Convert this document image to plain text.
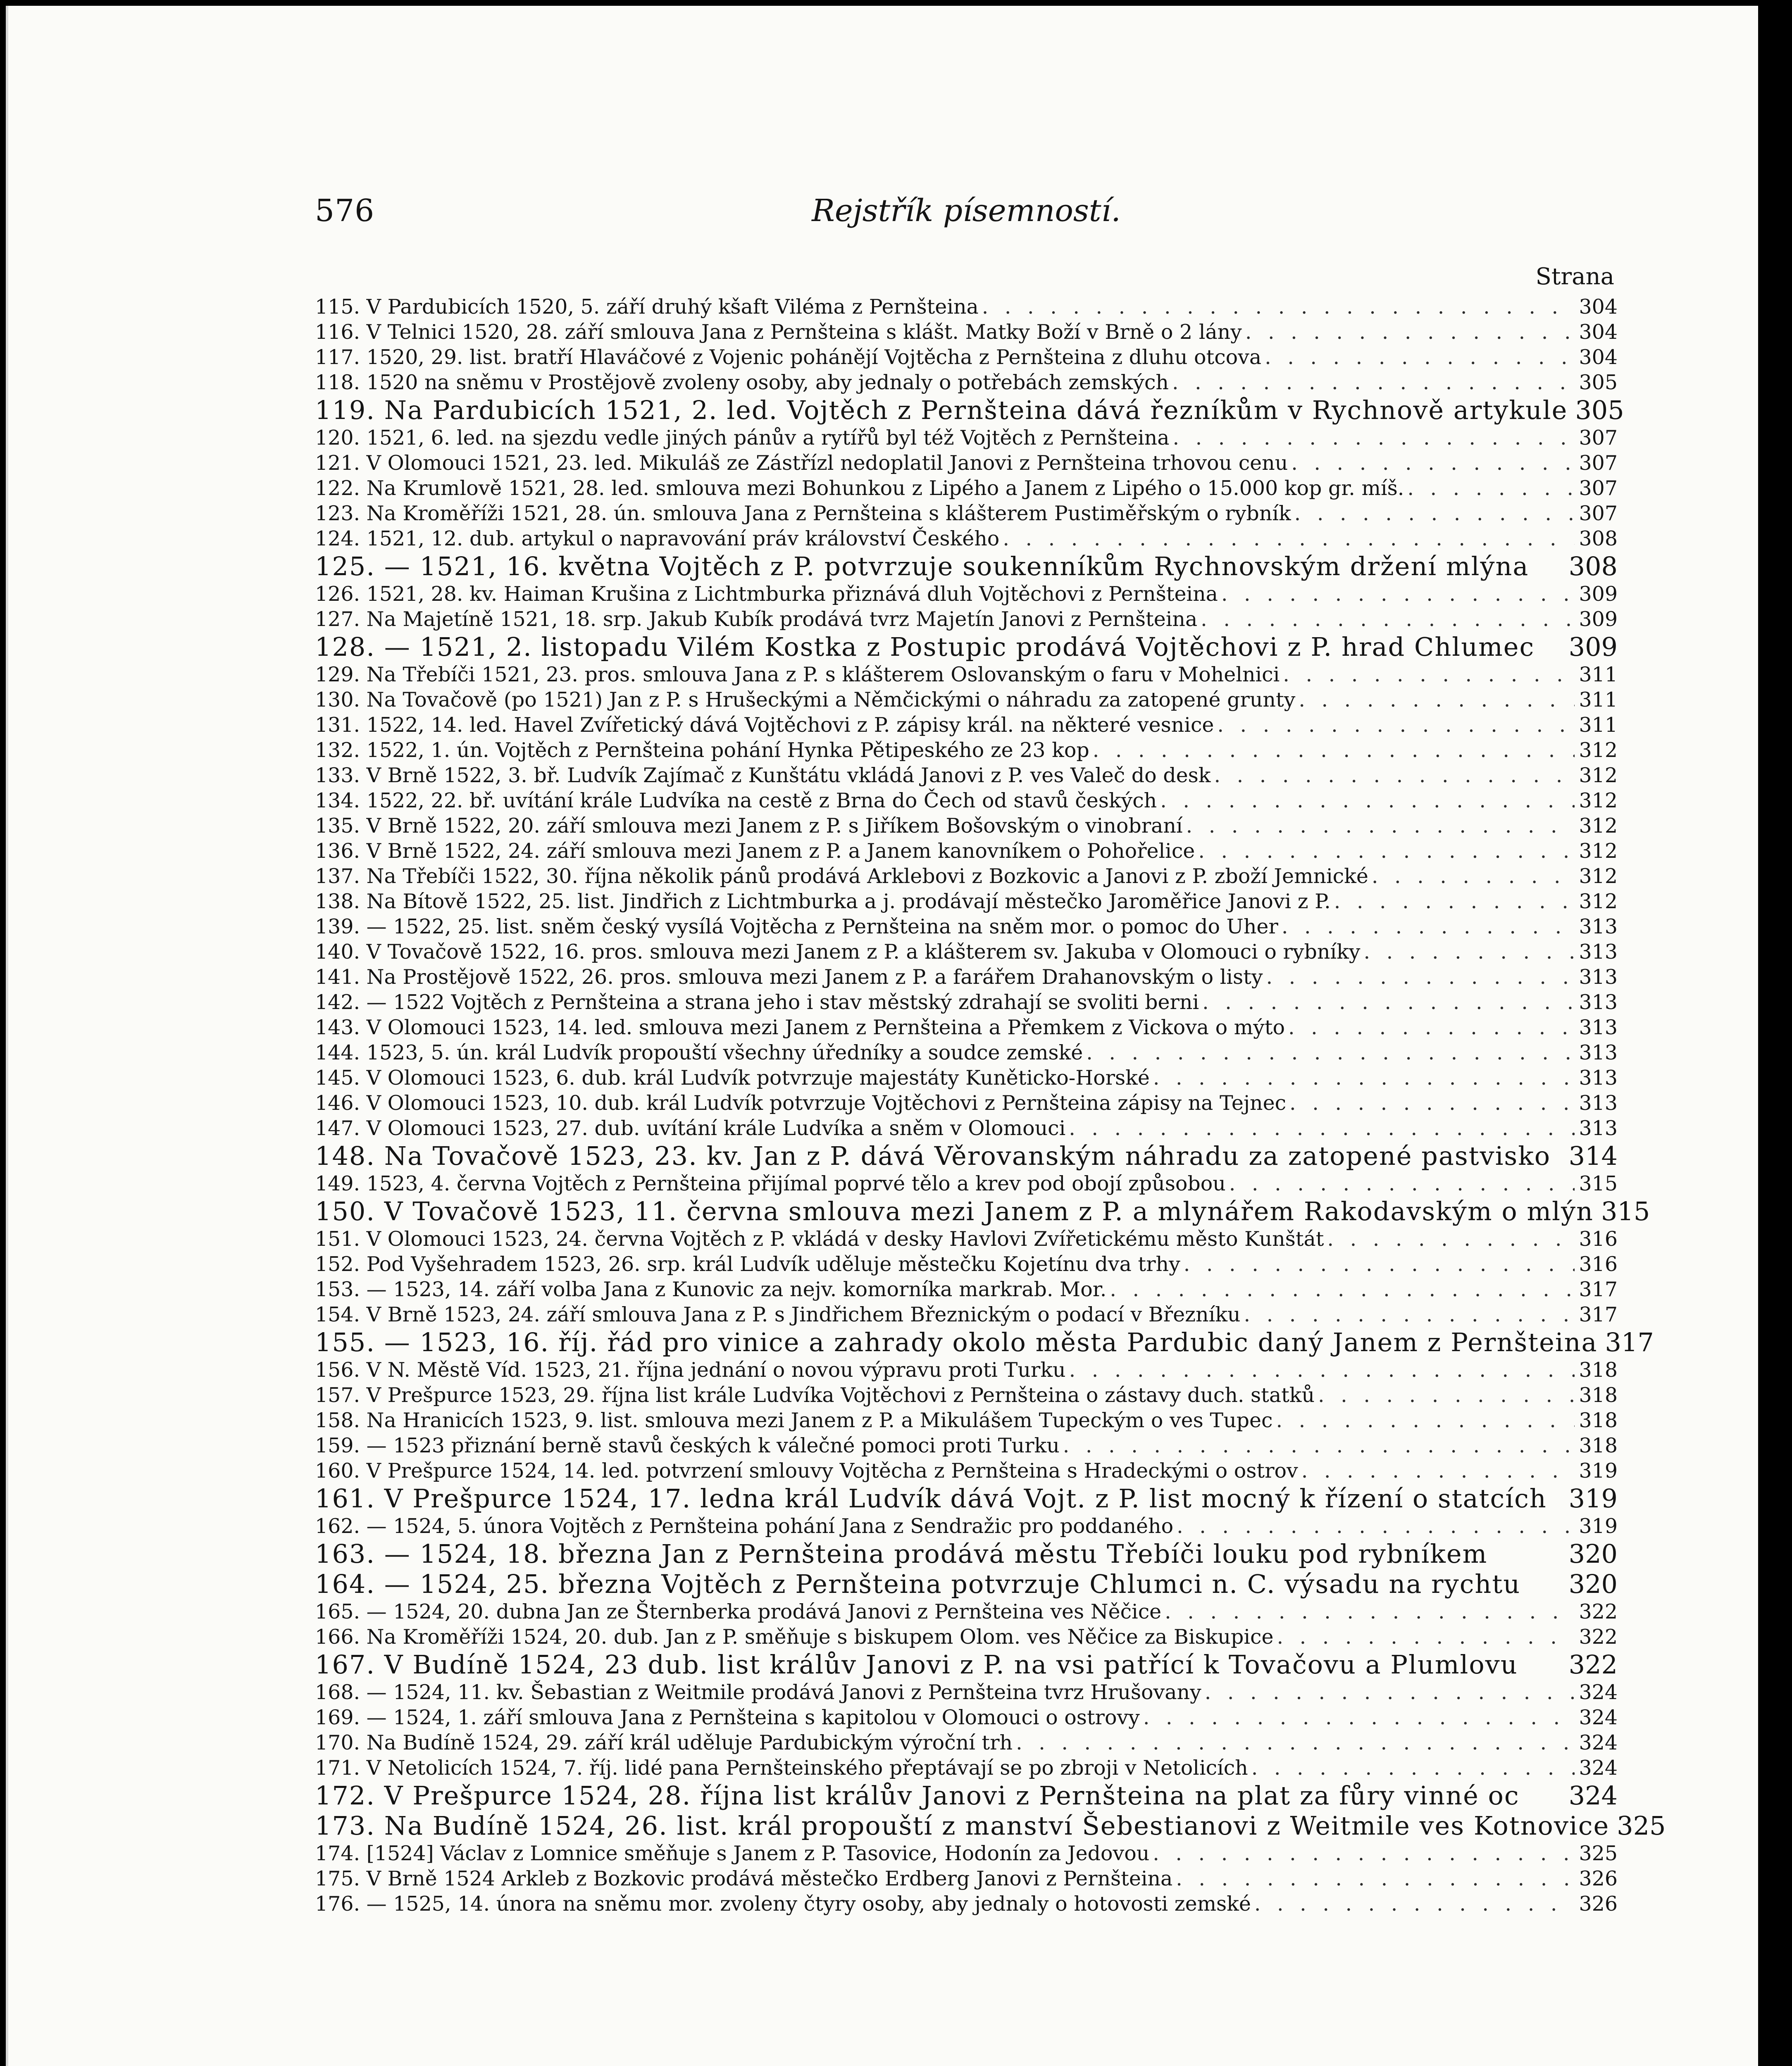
576	Rejstřík písemností.
Strana
115. V Pardubicích 1520, 5. září druhý kšaft Viléma z Pernšteina . . .	304
116. V Telnici 1520, 28. září smlouva Jana z Pernšteina s klášt. Matky Boží v Brně o 2 lány . . .	304
117. 1520, 29. list. bratří Hlaváčové z Vojenic pohánějí Vojtěcha z Pernšteina z dluhu otcova . . .	304
118. 1520 na sněmu v Prostějově zvoleny osoby, aby jednaly o potřebách zemských . . .	305
119. Na Pardubicích 1521, 2. led. Vojtěch z Pernšteina dává řezníkům v Rychnově artykule 305
120. 1521, 6. led. na sjezdu vedle jiných pánův a rytířů byl též Vojtěch z Pernšteina . . .	307
121. V Olomouci 1521, 23. led. Mikuláš ze Zástřízl nedoplatil Janovi z Pernšteina trhovou cenu . . .	307
122. Na Krumlově 1521, 28. led. smlouva mezi Bohunkou z Lipého a Janem z Lipého o 15.000 kop gr. míš. . . .	307
123. Na Kroměříži 1521, 28. ún. smlouva Jana z Pernšteina s klášterem Pustiměřským o rybník . . .	307
124. 1521, 12. dub. artykul o napravování práv království Českého . . .	308
125. — 1521, 16. května Vojtěch z P. potvrzuje soukenníkům Rychnovským držení mlýna 308
126. 1521, 28. kv. Haiman Krušina z Lichtmburka přiznává dluh Vojtěchovi z Pernšteina . . .	309
127. Na Majetíně 1521, 18. srp. Jakub Kubík prodává tvrz Majetín Janovi z Pernšteina . . .	309
128. — 1521, 2. listopadu Vilém Kostka z Postupic prodává Vojtěchovi z P. hrad Chlumec 309
129. Na Třebíči 1521, 23. pros. smlouva Jana z P. s klášterem Oslovanským o faru v Mohelnici . . .	311
130. Na Tovačově (po 1521) Jan z P. s Hrušeckými a Němčickými o náhradu za zatopené grunty . . .	311
131. 1522, 14. led. Havel Zvířetický dává Vojtěchovi z P. zápisy král. na některé vesnice . . .	311
132. 1522, 1. ún. Vojtěch z Pernšteina pohání Hynka Pětipeského ze 23 kop . . .	312
133. V Brně 1522, 3. bř. Ludvík Zajímač z Kunštátu vkládá Janovi z P. ves Valeč do desk . . .	312
134. 1522, 22. bř. uvítání krále Ludvíka na cestě z Brna do Čech od stavů českých . . .	312
135. V Brně 1522, 20. září smlouva mezi Janem z P. s Jiříkem Bošovským o vinobraní . . .	312
136. V Brně 1522, 24. září smlouva mezi Janem z P. a Janem kanovníkem o Pohořelice . . .	312
137. Na Třebíči 1522, 30. října několik pánů prodává Arklebovi z Bozkovic a Janovi z P. zboží Jemnické . . .	312
138. Na Bítově 1522, 25. list. Jindřich z Lichtmburka a j. prodávají městečko Jaroměřice Janovi z P. . . .	312
139. — 1522, 25. list. sněm český vysílá Vojtěcha z Pernšteina na sněm mor. o pomoc do Uher . . .	313
140. V Tovačově 1522, 16. pros. smlouva mezi Janem z P. a klášterem sv. Jakuba v Olomouci o rybníky . . .	313
141. Na Prostějově 1522, 26. pros. smlouva mezi Janem z P. a farářem Drahanovským o listy . . .	313
142. — 1522 Vojtěch z Pernšteina a strana jeho i stav městský zdrahají se svoliti berni . . .	313
143. V Olomouci 1523, 14. led. smlouva mezi Janem z Pernšteina a Přemkem z Vickova o mýto . . .	313
144. 1523, 5. ún. král Ludvík propouští všechny úředníky a soudce zemské . . .	313
145. V Olomouci 1523, 6. dub. král Ludvík potvrzuje majestáty Kuněticko-Horské . . .	313
146. V Olomouci 1523, 10. dub. král Ludvík potvrzuje Vojtěchovi z Pernšteina zápisy na Tejnec . . .	313
147. V Olomouci 1523, 27. dub. uvítání krále Ludvíka a sněm v Olomouci . . .	313
148. Na Tovačově 1523, 23. kv. Jan z P. dává Věrovanským náhradu za zatopené pastvisko 314
149. 1523, 4. června Vojtěch z Pernšteina přijímal poprvé tělo a krev pod obojí způsobou . . .	315
150. V Tovačově 1523, 11. června smlouva mezi Janem z P. a mlynářem Rakodavským o mlýn 315
151. V Olomouci 1523, 24. června Vojtěch z P. vkládá v desky Havlovi Zvířetickému město Kunštát . . .	316
152. Pod Vyšehradem 1523, 26. srp. král Ludvík uděluje městečku Kojetínu dva trhy . . .	316
153. — 1523, 14. září volba Jana z Kunovic za nejv. komorníka markrab. Mor. . . .	317
154. V Brně 1523, 24. září smlouva Jana z P. s Jindřichem Březnickým o podací v Březníku . . .	317
155. — 1523, 16. říj. řád pro vinice a zahrady okolo města Pardubic daný Janem z Pernšteina 317
156. V N. Městě Víd. 1523, 21. října jednání o novou výpravu proti Turku . . .	318
157. V Prešpurce 1523, 29. října list krále Ludvíka Vojtěchovi z Pernšteina o zástavy duch. statků . . .	318
158. Na Hranicích 1523, 9. list. smlouva mezi Janem z P. a Mikulášem Tupeckým o ves Tupec . . .	318
159. — 1523 přiznání berně stavů českých k válečné pomoci proti Turku . . .	318
160. V Prešpurce 1524, 14. led. potvrzení smlouvy Vojtěcha z Pernšteina s Hradeckými o ostrov . . .	319
161. V Prešpurce 1524, 17. ledna král Ludvík dává Vojt. z P. list mocný k řízení o statcích 319
162. — 1524, 5. února Vojtěch z Pernšteina pohání Jana z Sendražic pro poddaného . . .	319
163. — 1524, 18. března Jan z Pernšteina prodává městu Třebíči louku pod rybníkem	320
164. — 1524, 25. března Vojtěch z Pernšteina potvrzuje Chlumci n. C. výsadu na rychtu 320
165. — 1524, 20. dubna Jan ze Šternberka prodává Janovi z Pernšteina ves Něčice . . .	322
166. Na Kroměříži 1524, 20. dub. Jan z P. směňuje s biskupem Olom. ves Něčice za Biskupice . . .	322
167. V Budíně 1524, 23 dub. list králův Janovi z P. na vsi patřící k Tovačovu a Plumlovu 322
168. — 1524, 11. kv. Šebastian z Weitmile prodává Janovi z Pernšteina tvrz Hrušovany . . .	324
169. — 1524, 1. září smlouva Jana z Pernšteina s kapitolou v Olomouci o ostrovy . . .	324
170. Na Budíně 1524, 29. září král uděluje Pardubickým výroční trh . . .	324
171. V Netolicích 1524, 7. říj. lidé pana Pernšteinského přeptávají se po zbroji v Netolicích . . .	324
172. V Prešpurce 1524, 28. října list králův Janovi z Pernšteina na plat za fůry vinné oc 324
173. Na Budíně 1524, 26. list. král propouští z manství Šebestianovi z Weitmile ves Kotnovice 325
174. [1524] Václav z Lomnice směňuje s Janem z P. Tasovice, Hodonín za Jedovou . . .	325
175. V Brně 1524 Arkleb z Bozkovic prodává městečko Erdberg Janovi z Pernšteina . . .	326
176. — 1525, 14. února na sněmu mor. zvoleny čtyry osoby, aby jednaly o hotovosti zemské . . .	326
